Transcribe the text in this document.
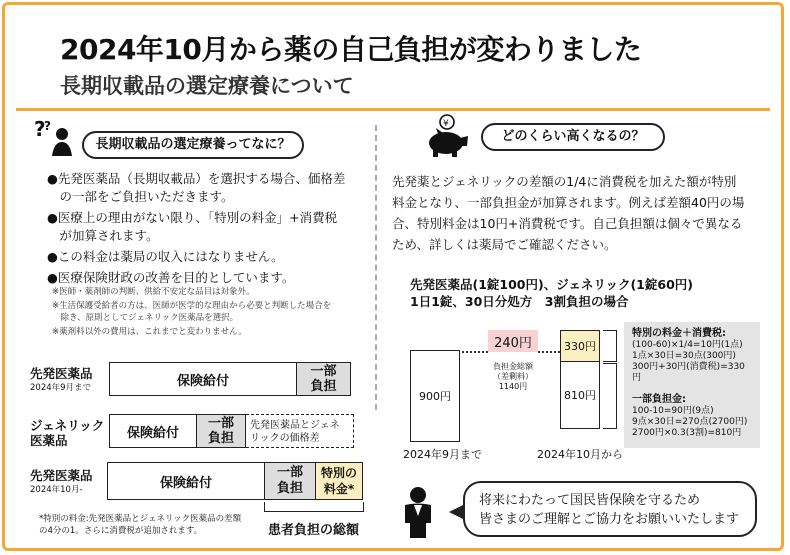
2024年10月から薬の自己負担が変わりました
長期収載品の選定療養について
?
?
長期収載品の選定療養ってなに？
●先発医薬品（長期収載品）を選択する場合、価格差
　の一部をご負担いただきます。
●医療上の理由がない限り、「特別の料金」+消費税
　が加算されます。
●この料金は薬局の収入にはなりません。
●医療保険財政の改善を目的としています。
※医師・薬剤師の判断、供給不安定な品目は対象外。
※生活保護受給者の方は、医師が医学的な理由から必要と判断した場合を
　除き、原則としてジェネリック医薬品を選択。
※薬剤料以外の費用は、これまでと変わりません。
先発医薬品
2024年9月まで	保険給付
一部
負担
ジェネリック
医薬品	保険給付
一部
負担
先発医薬品とジェネ
リックの価格差
先発医薬品
2024年10月-	保険給付
一部
負担
特別の
料金*
患者負担の総額
*特別の料金:先発医薬品とジェネリック医薬品の差額
の4分の1。さらに消費税が追加されます。
¥
どのくらい高くなるの？
先発薬とジェネリックの差額の1/4に消費税を加えた額が特別
料金となり、一部負担金が加算されます。例えば差額40円の場
合、特別料金は10円+消費税です。自己負担額は個々で異なる
ため、詳しくは薬局でご確認ください。
先発医薬品(1錠100円)、ジェネリック(1錠60円)
1日1錠、30日分処方　3割負担の場合
900円
240円
負担金総額
（差剰料）
1140円
330円
810円
2024年9月まで	2024年10月から
特別の料金＋消費税:
(100-60)×1/4=10円(1点)
1点×30日=30点(300円)
300円+30円(消費税)=330
円
一部負担金:
100-10=90円(9点)
9点×30日=270点(2700円)
2700円×0.3(3割)=810円
将来にわたって国民皆保険を守るため
皆さまのご理解とご協力をお願いいたします
